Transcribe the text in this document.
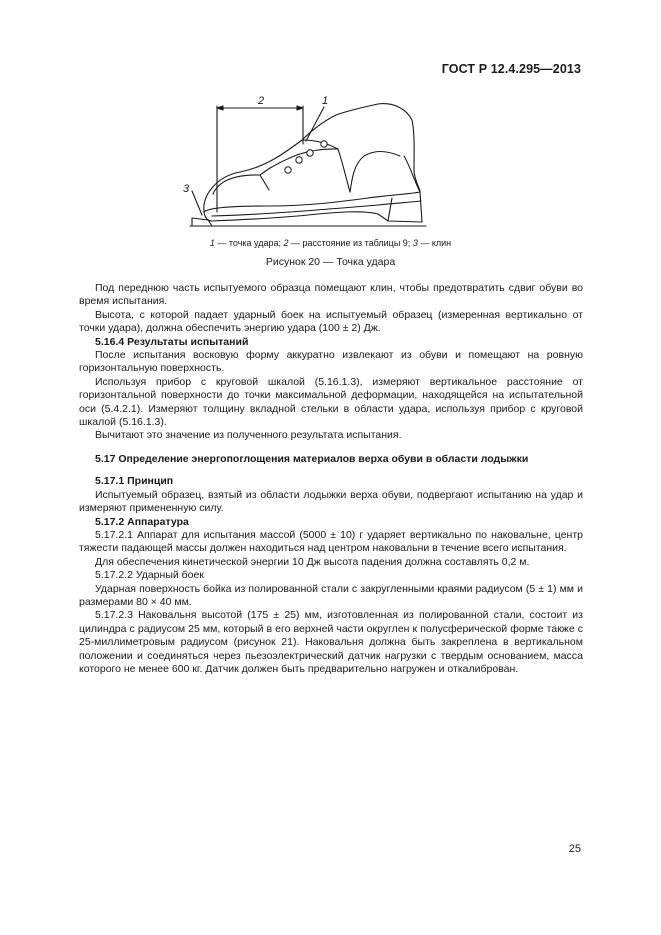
ГОСТ Р 12.4.295—2013
2	1
3
1 — точка удара; 2 — расстояние из таблицы 9; 3 — клин
Рисунок 20 — Точка удара

Под переднюю часть испытуемого образца помещают клин, чтобы предотвратить сдвиг обуви во время испытания.

Высота, с которой падает ударный боек на испытуемый образец (измеренная вертикально от точки удара), должна обеспечить энергию удара (100 ± 2) Дж.

5.16.4 Результаты испытаний

После испытания восковую форму аккуратно извлекают из обуви и помещают на ровную горизонтальную поверхность.

Используя прибор с круговой шкалой (5.16.1.3), измеряют вертикальное расстояние от горизонтальной поверхности до точки максимальной деформации, находящейся на испытательной оси (5.4.2.1). Измеряют толщину вкладной стельки в области удара, используя прибор с круговой шкалой (5.16.1.3).

Вычитают это значение из полученного результата испытания.

5.17 Определение энергопоглощения материалов верха обуви в области лодыжки

5.17.1 Принцип

Испытуемый образец, взятый из области лодыжки верха обуви, подвергают испытанию на удар и измеряют примененную силу.

5.17.2 Аппаратура

5.17.2.1 Аппарат для испытания массой (5000 ± 10) г ударяет вертикально по наковальне, центр тяжести падающей массы должен находиться над центром наковальни в течение всего испытания.

Для обеспечения кинетической энергии 10 Дж высота падения должна составлять 0,2 м.

5.17.2.2 Ударный боек

Ударная поверхность бойка из полированной стали с закругленными краями радиусом (5 ± 1) мм и размерами 80 × 40 мм.

5.17.2.3 Наковальня высотой (175 ± 25) мм, изготовленная из полированной стали, состоит из цилиндра с радиусом 25 мм, который в его верхней части округлен к полусферической форме также с 25-миллиметровым радиусом (рисунок 21). Наковальня должна быть закреплена в вертикальном положении и соединяться через пьезоэлектрический датчик нагрузки с твердым основанием, масса которого не менее 600 кг. Датчик должен быть предварительно нагружен и откалиброван.

25
